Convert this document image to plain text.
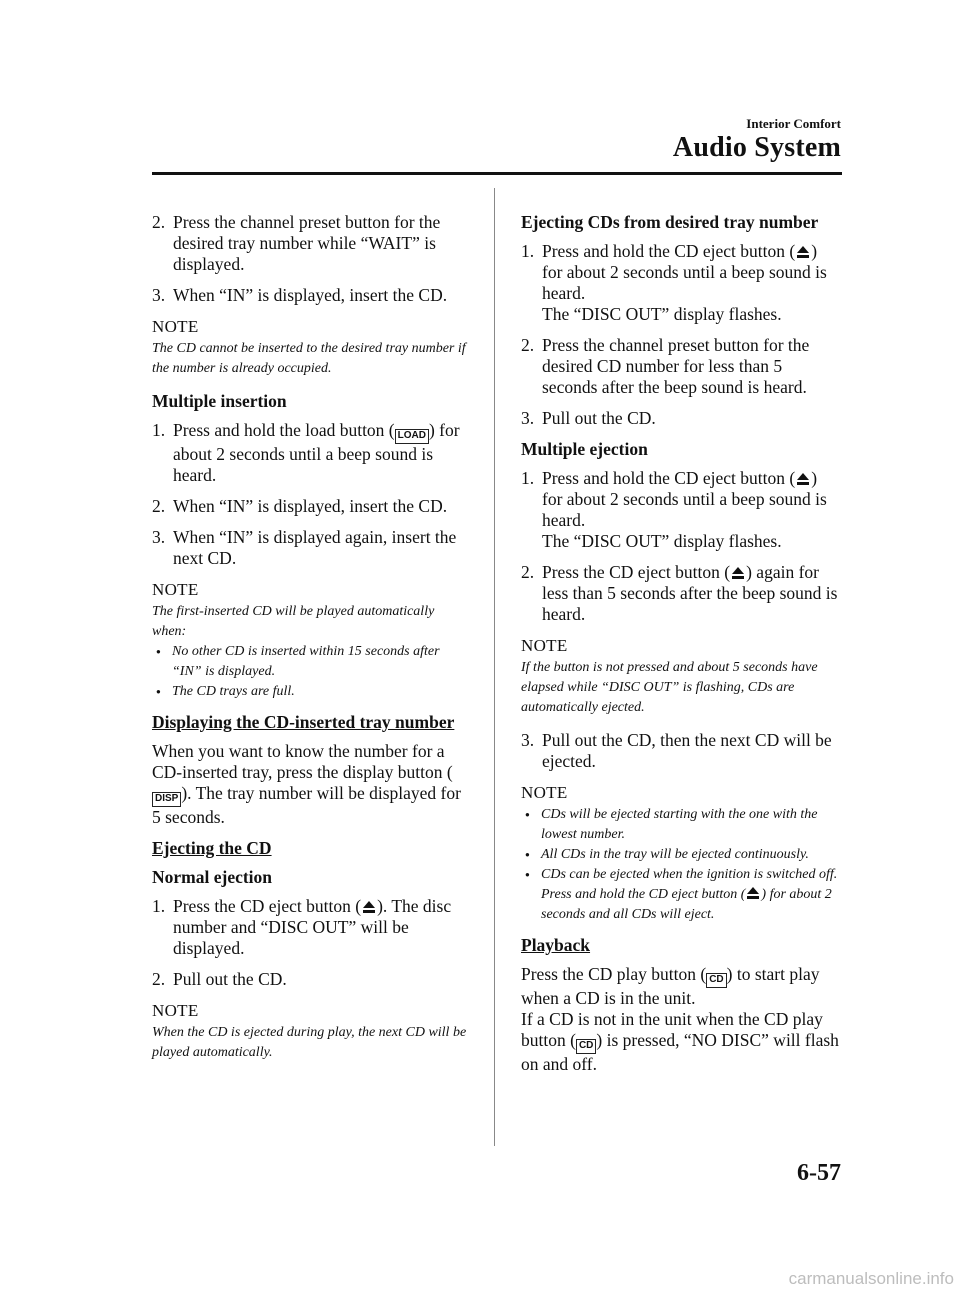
Interior Comfort
Audio System
2. Press the channel preset button for the desired tray number while “WAIT” is displayed.
3. When “IN” is displayed, insert the CD.
NOTE
The CD cannot be inserted to the desired tray number if the number is already occupied.
Multiple insertion
1. Press and hold the load button ( LOAD ) for about 2 seconds until a beep sound is heard.
2. When “IN” is displayed, insert the CD.
3. When “IN” is displayed again, insert the next CD.
NOTE
The first-inserted CD will be played automatically when:
● No other CD is inserted within 15 seconds after “IN” is displayed.
● The CD trays are full.
Displaying the CD-inserted tray number
When you want to know the number for a CD-inserted tray, press the display button (DISP ). The tray number will be displayed for 5 seconds.
Ejecting the CD
Normal ejection
1. Press the CD eject button ( ). The disc number and “DISC OUT” will be displayed.
2. Pull out the CD.
NOTE
When the CD is ejected during play, the next CD will be played automatically.
Ejecting CDs from desired tray number
1. Press and hold the CD eject button ( ) for about 2 seconds until a beep sound is heard.
The “DISC OUT” display flashes.
2. Press the channel preset button for the desired CD number for less than 5 seconds after the beep sound is heard.
3. Pull out the CD.
Multiple ejection
1. Press and hold the CD eject button ( ) for about 2 seconds until a beep sound is heard.
The “DISC OUT” display flashes.
2. Press the CD eject button ( ) again for less than 5 seconds after the beep sound is heard.
NOTE
If the button is not pressed and about 5 seconds have elapsed while “DISC OUT” is flashing, CDs are automatically ejected.
3. Pull out the CD, then the next CD will be ejected.
NOTE
● CDs will be ejected starting with the one with the lowest number.
● All CDs in the tray will be ejected continuously.
● CDs can be ejected when the ignition is switched off. Press and hold the CD eject button ( ) for about 2 seconds and all CDs will eject.
Playback
Press the CD play button ( CD ) to start play when a CD is in the unit.
If a CD is not in the unit when the CD play button ( CD ) is pressed, “NO DISC” will flash on and off.
6-57
carmanualsonline.info
